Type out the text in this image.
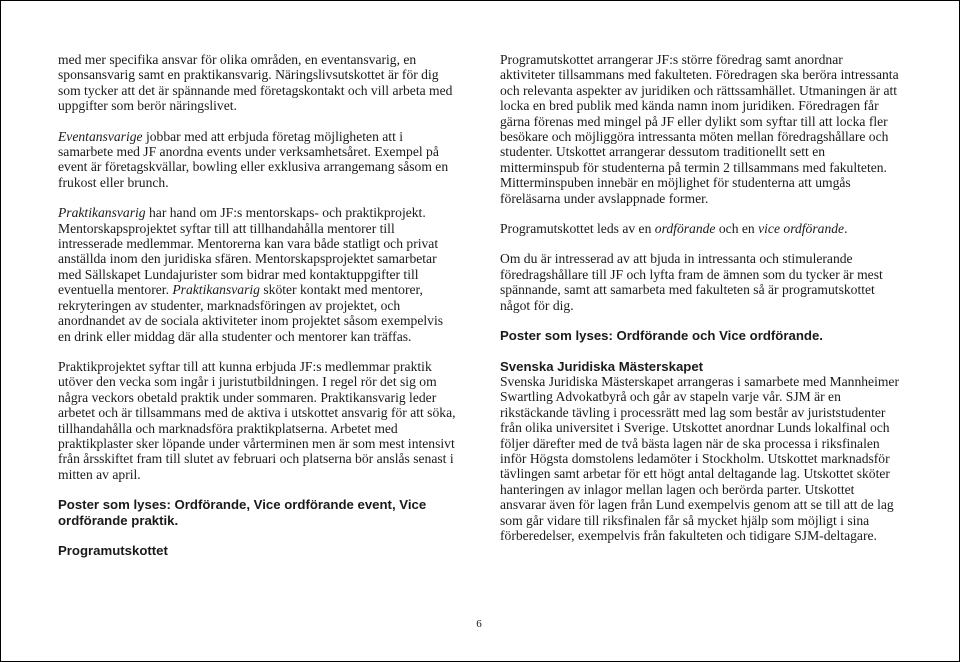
med mer specifika ansvar för olika områden, en eventansvarig, en sponsansvarig samt en praktikansvarig. Näringslivsutskottet är för dig som tycker att det är spännande med företagskontakt och vill arbeta med uppgifter som berör näringslivet.

Eventansvarige jobbar med att erbjuda företag möjligheten att i samarbete med JF anordna events under verksamhetsåret. Exempel på event är företagskvällar, bowling eller exklusiva arrangemang såsom en frukost eller brunch.

Praktikansvarig har hand om JF:s mentorskaps- och praktikprojekt. Mentorskapsprojektet syftar till att tillhandahålla mentorer till intresserade medlemmar. Mentorerna kan vara både statligt och privat anställda inom den juridiska sfären. Mentorskapsprojektet samarbetar med Sällskapet Lundajurister som bidrar med kontaktuppgifter till eventuella mentorer. Praktikansvarig sköter kontakt med mentorer, rekryteringen av studenter, marknadsföringen av projektet, och anordnandet av de sociala aktiviteter inom projektet såsom exempelvis en drink eller middag där alla studenter och mentorer kan träffas.

Praktikprojektet syftar till att kunna erbjuda JF:s medlemmar praktik utöver den vecka som ingår i juristutbildningen. I regel rör det sig om några veckors obetald praktik under sommaren. Praktikansvarig leder arbetet och är tillsammans med de aktiva i utskottet ansvarig för att söka, tillhandahålla och marknadsföra praktikplatserna. Arbetet med praktikplaster sker löpande under vårterminen men är som mest intensivt från årsskiftet fram till slutet av februari och platserna bör anslås senast i mitten av april.

Poster som lyses: Ordförande, Vice ordförande event, Vice ordförande praktik.

Programutskottet

Programutskottet arrangerar JF:s större föredrag samt anordnar aktiviteter tillsammans med fakulteten. Föredragen ska beröra intressanta och relevanta aspekter av juridiken och rättssamhället. Utmaningen är att locka en bred publik med kända namn inom juridiken. Föredragen får gärna förenas med mingel på JF eller dylikt som syftar till att locka fler besökare och möjliggöra intressanta möten mellan föredragshållare och studenter. Utskottet arrangerar dessutom traditionellt sett en mitterminspub för studenterna på termin 2 tillsammans med fakulteten. Mitterminspuben innebär en möjlighet för studenterna att umgås föreläsarna under avslappnade former.

Programutskottet leds av en ordförande och en vice ordförande.

Om du är intresserad av att bjuda in intressanta och stimulerande föredragshållare till JF och lyfta fram de ämnen som du tycker är mest spännande, samt att samarbeta med fakulteten så är programutskottet något för dig.

Poster som lyses: Ordförande och Vice ordförande.

Svenska Juridiska Mästerskapet

Svenska Juridiska Mästerskapet arrangeras i samarbete med Mannheimer Swartling Advokatbyrå och går av stapeln varje vår. SJM är en rikstäckande tävling i processrätt med lag som består av juriststudenter från olika universitet i Sverige. Utskottet anordnar Lunds lokalfinal och följer därefter med de två bästa lagen när de ska processa i riksfinalen inför Högsta domstolens ledamöter i Stockholm. Utskottet marknadsför tävlingen samt arbetar för ett högt antal deltagande lag. Utskottet sköter hanteringen av inlagor mellan lagen och berörda parter. Utskottet ansvarar även för lagen från Lund exempelvis genom att se till att de lag som går vidare till riksfinalen får så mycket hjälp som möjligt i sina förberedelser, exempelvis från fakulteten och tidigare SJM-deltagare.

6
